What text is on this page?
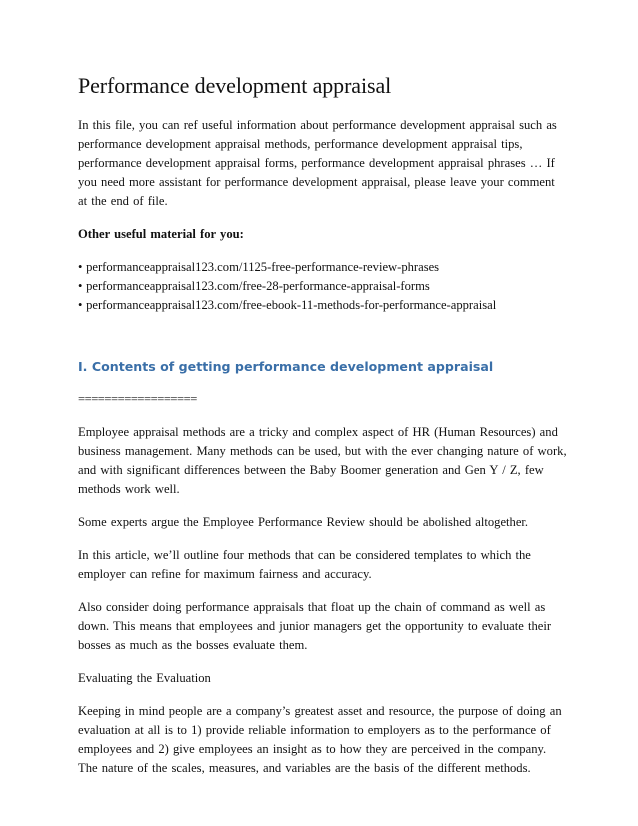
Performance development appraisal

In this file, you can ref useful information about performance development appraisal such as performance development appraisal methods, performance development appraisal tips, performance development appraisal forms, performance development appraisal phrases … If you need more assistant for performance development appraisal, please leave your comment at the end of file.

Other useful material for you:

• performanceappraisal123.com/1125-free-performance-review-phrases
• performanceappraisal123.com/free-28-performance-appraisal-forms
• performanceappraisal123.com/free-ebook-11-methods-for-performance-appraisal
I. Contents of getting performance development appraisal

==================

Employee appraisal methods are a tricky and complex aspect of HR (Human Resources) and business management. Many methods can be used, but with the ever changing nature of work, and with significant differences between the Baby Boomer generation and Gen Y / Z, few methods work well.

Some experts argue the Employee Performance Review should be abolished altogether.

In this article, we’ll outline four methods that can be considered templates to which the employer can refine for maximum fairness and accuracy.

Also consider doing performance appraisals that float up the chain of command as well as down. This means that employees and junior managers get the opportunity to evaluate their bosses as much as the bosses evaluate them.

Evaluating the Evaluation

Keeping in mind people are a company’s greatest asset and resource, the purpose of doing an evaluation at all is to 1) provide reliable information to employers as to the performance of employees and 2) give employees an insight as to how they are perceived in the company. The nature of the scales, measures, and variables are the basis of the different methods.
